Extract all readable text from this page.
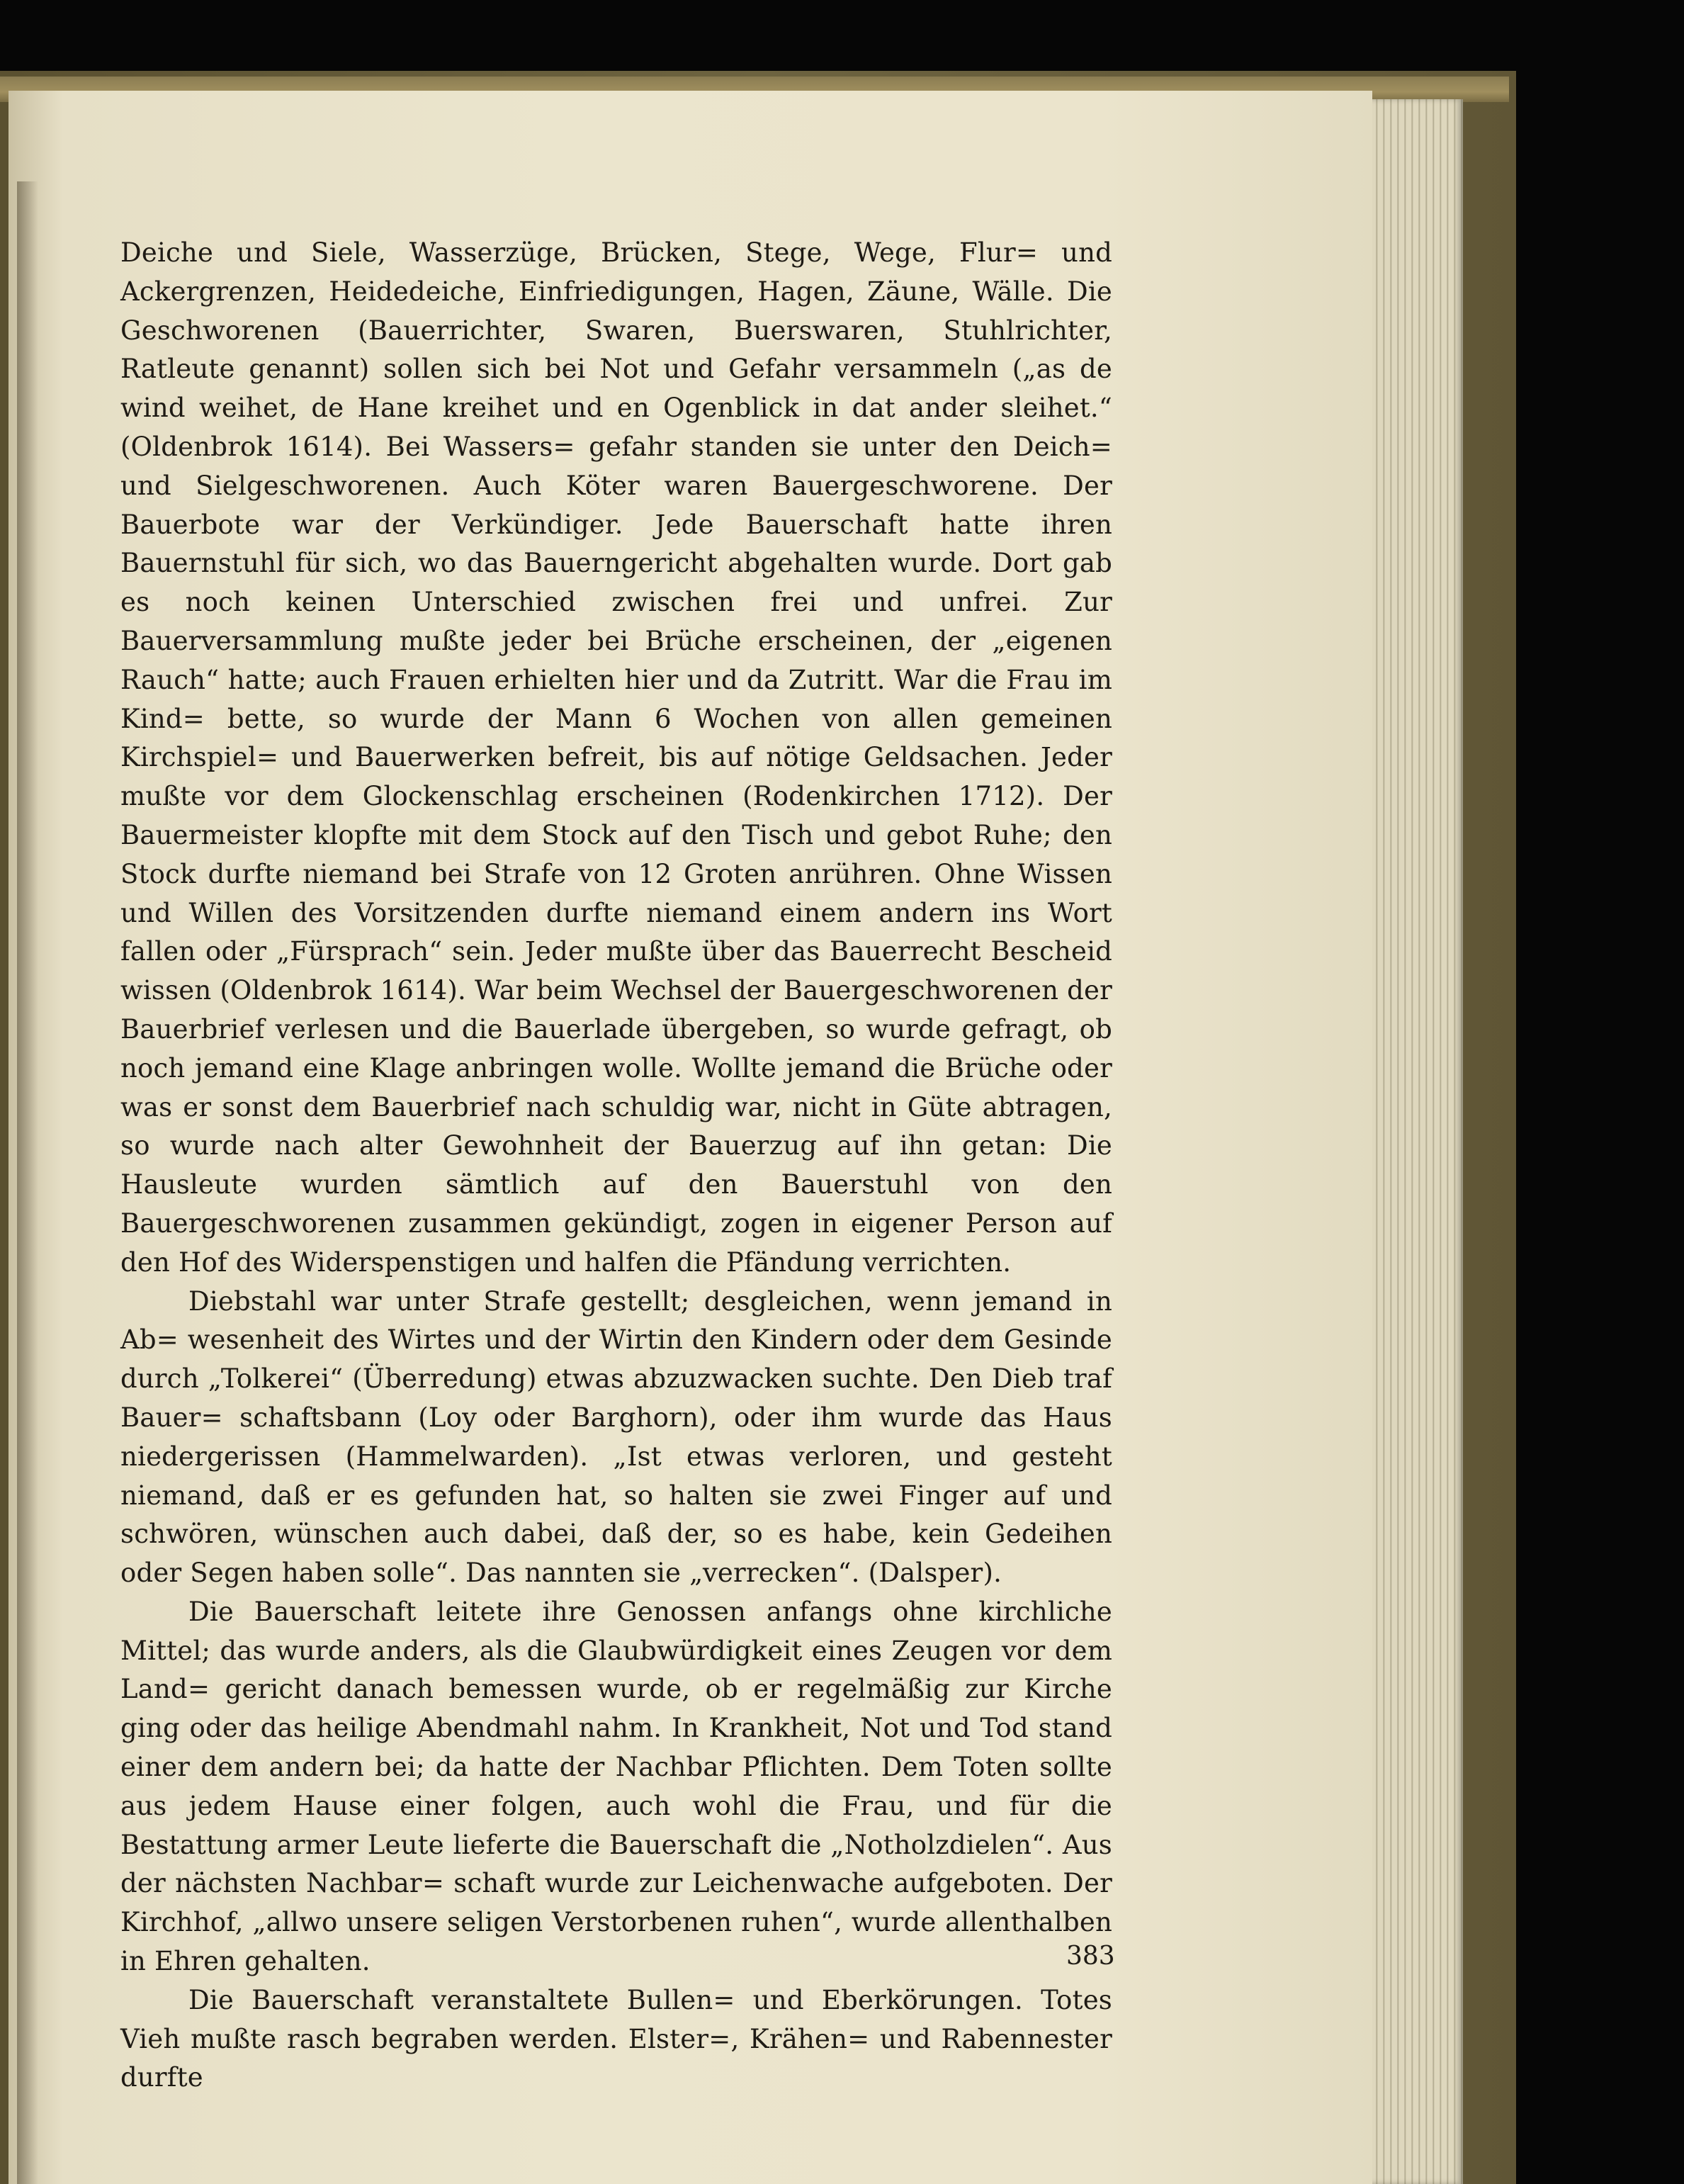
Deiche und Siele, Wasserzüge, Brücken, Stege, Wege, Flur= und Ackergrenzen, Heidedeiche, Einfriedigungen, Hagen, Zäune, Wälle. Die Geschworenen (Bauerrichter, Swaren, Buerswaren, Stuhlrichter, Ratleute genannt) sollen sich bei Not und Gefahr versammeln („as de wind weihet, de Hane kreihet und en Ogenblick in dat ander sleihet.“ (Oldenbrok 1614). Bei Wassers= gefahr standen sie unter den Deich= und Sielgeschworenen. Auch Köter waren Bauergeschworene. Der Bauerbote war der Verkündiger. Jede Bauerschaft hatte ihren Bauernstuhl für sich, wo das Bauerngericht abgehalten wurde. Dort gab es noch keinen Unterschied zwischen frei und unfrei. Zur Bauerversammlung mußte jeder bei Brüche erscheinen, der „eigenen Rauch“ hatte; auch Frauen erhielten hier und da Zutritt. War die Frau im Kind= bette, so wurde der Mann 6 Wochen von allen gemeinen Kirchspiel= und Bauerwerken befreit, bis auf nötige Geldsachen. Jeder mußte vor dem Glockenschlag erscheinen (Rodenkirchen 1712). Der Bauermeister klopfte mit dem Stock auf den Tisch und gebot Ruhe; den Stock durfte niemand bei Strafe von 12 Groten anrühren. Ohne Wissen und Willen des Vorsitzenden durfte niemand einem andern ins Wort fallen oder „Fürsprach“ sein. Jeder mußte über das Bauerrecht Bescheid wissen (Oldenbrok 1614). War beim Wechsel der Bauergeschworenen der Bauerbrief verlesen und die Bauerlade übergeben, so wurde gefragt, ob noch jemand eine Klage anbringen wolle. Wollte jemand die Brüche oder was er sonst dem Bauerbrief nach schuldig war, nicht in Güte abtragen, so wurde nach alter Gewohnheit der Bauerzug auf ihn getan: Die Hausleute wurden sämtlich auf den Bauerstuhl von den Bauergeschworenen zusammen gekündigt, zogen in eigener Person auf den Hof des Widerspenstigen und halfen die Pfändung verrichten.

Diebstahl war unter Strafe gestellt; desgleichen, wenn jemand in Ab= wesenheit des Wirtes und der Wirtin den Kindern oder dem Gesinde durch „Tolkerei“ (Überredung) etwas abzuzwacken suchte. Den Dieb traf Bauer= schaftsbann (Loy oder Barghorn), oder ihm wurde das Haus niedergerissen (Hammelwarden). „Ist etwas verloren, und gesteht niemand, daß er es gefunden hat, so halten sie zwei Finger auf und schwören, wünschen auch dabei, daß der, so es habe, kein Gedeihen oder Segen haben solle“. Das nannten sie „verrecken“. (Dalsper).

Die Bauerschaft leitete ihre Genossen anfangs ohne kirchliche Mittel; das wurde anders, als die Glaubwürdigkeit eines Zeugen vor dem Land= gericht danach bemessen wurde, ob er regelmäßig zur Kirche ging oder das heilige Abendmahl nahm. In Krankheit, Not und Tod stand einer dem andern bei; da hatte der Nachbar Pflichten. Dem Toten sollte aus jedem Hause einer folgen, auch wohl die Frau, und für die Bestattung armer Leute lieferte die Bauerschaft die „Notholzdielen“. Aus der nächsten Nachbar= schaft wurde zur Leichenwache aufgeboten. Der Kirchhof, „allwo unsere seligen Verstorbenen ruhen“, wurde allenthalben in Ehren gehalten.

Die Bauerschaft veranstaltete Bullen= und Eberkörungen. Totes Vieh mußte rasch begraben werden. Elster=, Krähen= und Rabennester durfte

383
